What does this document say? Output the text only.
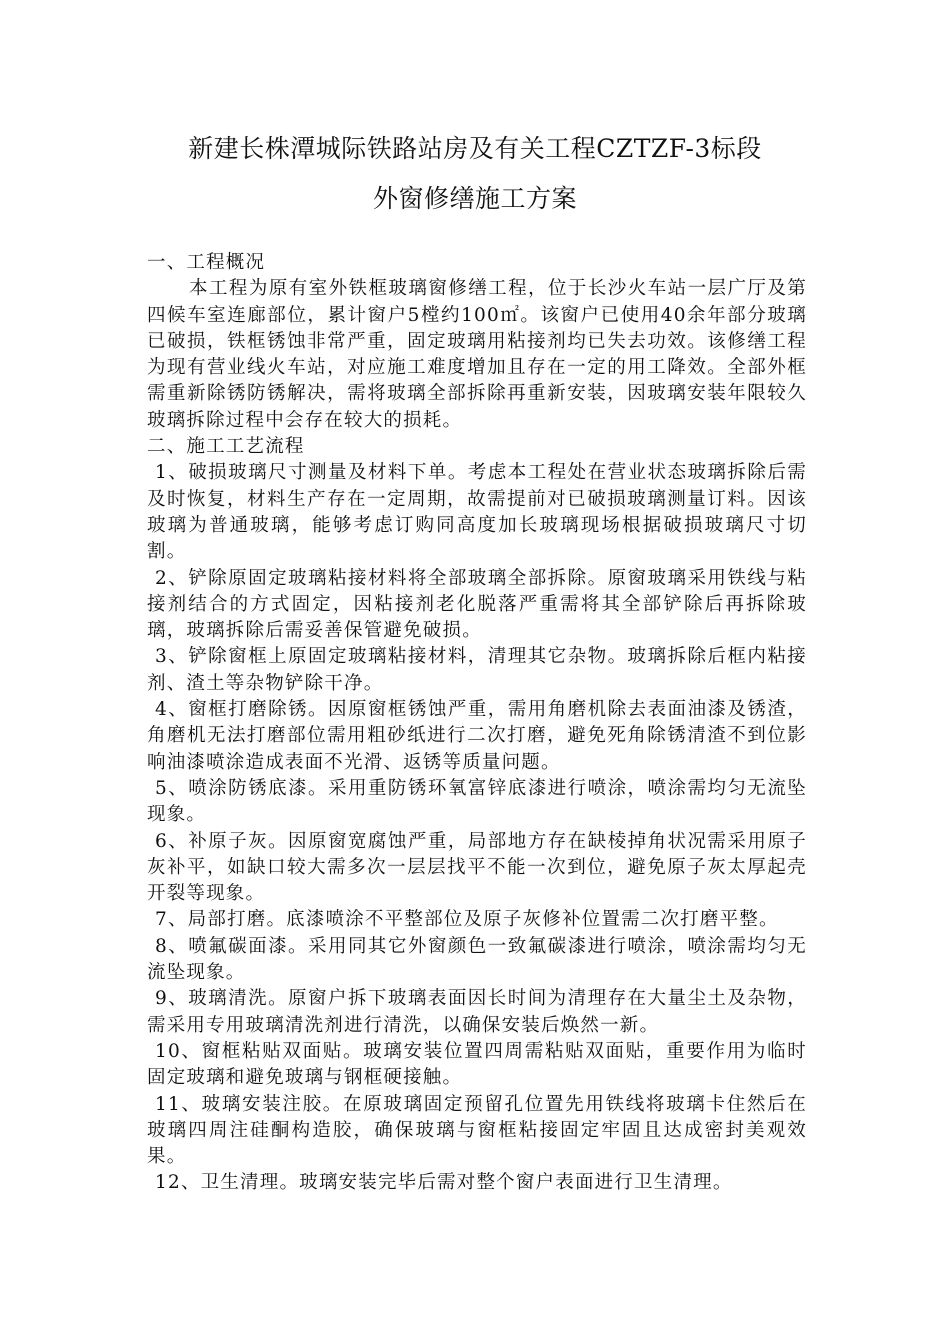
新建长株潭城际铁路站房及有关工程CZTZF-3标段
外窗修缮施工方案

一、工程概况

本工程为原有室外铁框玻璃窗修缮工程，位于长沙火车站一层广厅及第四候车室连廊部位，累计窗户5樘约100㎡。该窗户已使用40余年部分玻璃已破损，铁框锈蚀非常严重，固定玻璃用粘接剂均已失去功效。该修缮工程为现有营业线火车站，对应施工难度增加且存在一定的用工降效。全部外框需重新除锈防锈解决，需将玻璃全部拆除再重新安装，因玻璃安装年限较久玻璃拆除过程中会存在较大的损耗。

二、施工工艺流程

1、破损玻璃尺寸测量及材料下单。考虑本工程处在营业状态玻璃拆除后需及时恢复，材料生产存在一定周期，故需提前对已破损玻璃测量订料。因该玻璃为普通玻璃，能够考虑订购同高度加长玻璃现场根据破损玻璃尺寸切割。

2、铲除原固定玻璃粘接材料将全部玻璃全部拆除。原窗玻璃采用铁线与粘接剂结合的方式固定，因粘接剂老化脱落严重需将其全部铲除后再拆除玻璃，玻璃拆除后需妥善保管避免破损。

3、铲除窗框上原固定玻璃粘接材料，清理其它杂物。玻璃拆除后框内粘接剂、渣土等杂物铲除干净。

4、窗框打磨除锈。因原窗框锈蚀严重，需用角磨机除去表面油漆及锈渣，角磨机无法打磨部位需用粗砂纸进行二次打磨，避免死角除锈清渣不到位影响油漆喷涂造成表面不光滑、返锈等质量问题。

5、喷涂防锈底漆。采用重防锈环氧富锌底漆进行喷涂，喷涂需均匀无流坠现象。

6、补原子灰。因原窗宽腐蚀严重，局部地方存在缺棱掉角状况需采用原子灰补平，如缺口较大需多次一层层找平不能一次到位，避免原子灰太厚起壳开裂等现象。

7、局部打磨。底漆喷涂不平整部位及原子灰修补位置需二次打磨平整。

8、喷氟碳面漆。采用同其它外窗颜色一致氟碳漆进行喷涂，喷涂需均匀无流坠现象。

9、玻璃清洗。原窗户拆下玻璃表面因长时间为清理存在大量尘土及杂物，需采用专用玻璃清洗剂进行清洗，以确保安装后焕然一新。

10、窗框粘贴双面贴。玻璃安装位置四周需粘贴双面贴，重要作用为临时固定玻璃和避免玻璃与钢框硬接触。

11、玻璃安装注胶。在原玻璃固定预留孔位置先用铁线将玻璃卡住然后在玻璃四周注硅酮构造胶，确保玻璃与窗框粘接固定牢固且达成密封美观效果。

12、卫生清理。玻璃安装完毕后需对整个窗户表面进行卫生清理。
